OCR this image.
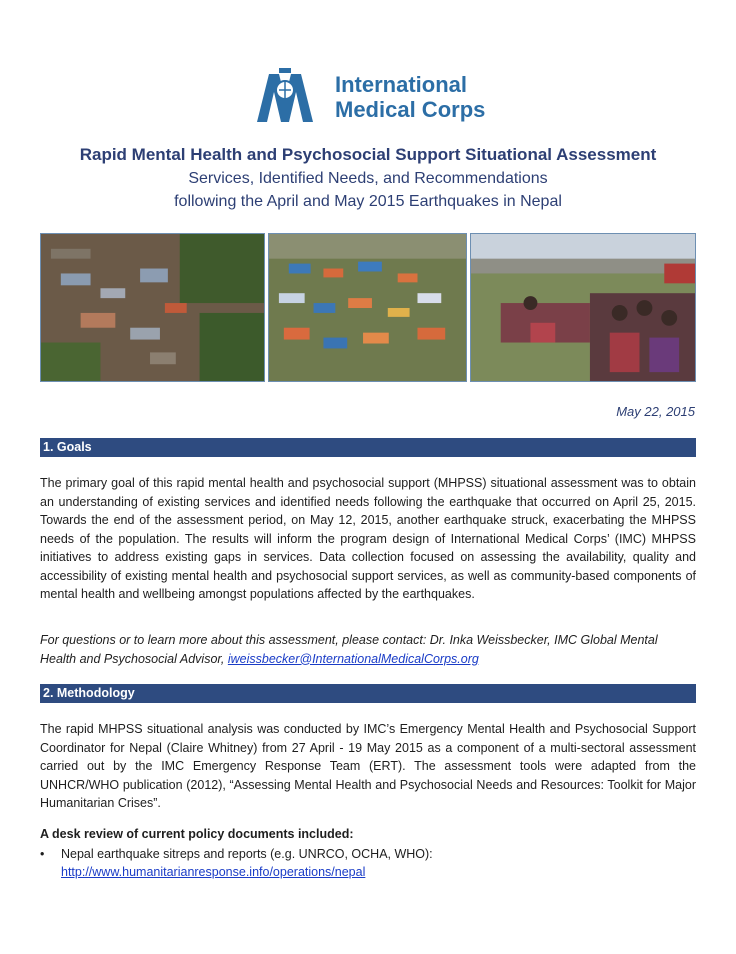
International
Medical Corps
Rapid Mental Health and Psychosocial Support Situational Assessment
Services, Identified Needs, and Recommendations
following the April and May 2015 Earthquakes in Nepal
May 22, 2015
1. Goals
The primary goal of this rapid mental health and psychosocial support (MHPSS) situational assessment was to obtain an understanding of existing services and identified needs following the earthquake that occurred on April 25, 2015. Towards the end of the assessment period, on May 12, 2015, another earthquake struck, exacerbating the MHPSS needs of the population. The results will inform the program design of International Medical Corps’ (IMC) MHPSS initiatives to address existing gaps in services. Data collection focused on assessing the availability, quality and accessibility of existing mental health and psychosocial support services, as well as community-based components of mental health and wellbeing amongst populations affected by the earthquakes.
For questions or to learn more about this assessment, please contact: Dr. Inka Weissbecker, IMC Global Mental Health and Psychosocial Advisor, iweissbecker@InternationalMedicalCorps.org
2. Methodology
The rapid MHPSS situational analysis was conducted by IMC’s Emergency Mental Health and Psychosocial Support Coordinator for Nepal (Claire Whitney) from 27 April - 19 May 2015 as a component of a multi-sectoral assessment carried out by the IMC Emergency Response Team (ERT). The assessment tools were adapted from the UNHCR/WHO publication (2012), “Assessing Mental Health and Psychosocial Needs and Resources: Toolkit for Major Humanitarian Crises”.
A desk review of current policy documents included:
• Nepal earthquake sitreps and reports (e.g. UNRCO, OCHA, WHO):
http://www.humanitarianresponse.info/operations/nepal
